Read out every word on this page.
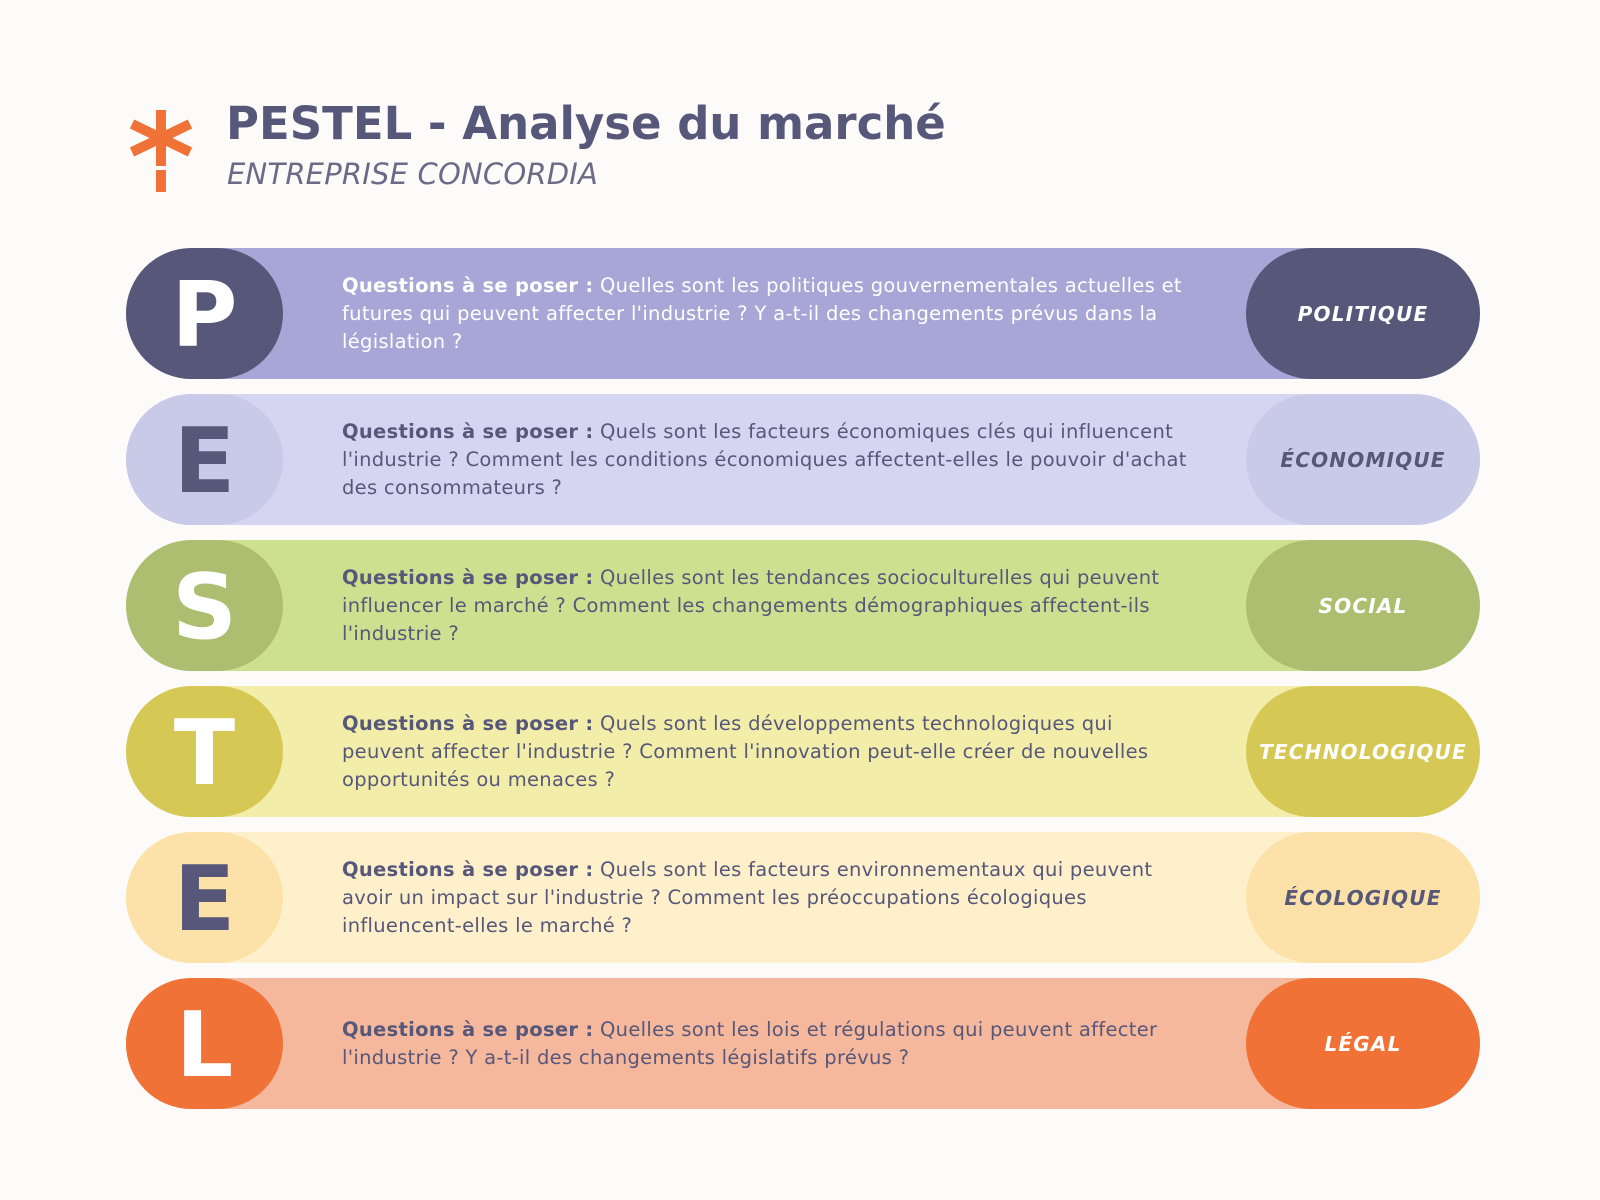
PESTEL - Analyse du marché
ENTREPRISE CONCORDIA
P	Questions à se poser : Quelles sont les politiques gouvernementales actuelles et futures qui peuvent affecter l'industrie ? Y a-t-il des changements prévus dans la législation ?

POLITIQUE
E	Questions à se poser : Quels sont les facteurs économiques clés qui influencent l'industrie ? Comment les conditions économiques affectent-elles le pouvoir d'achat des consommateurs ?

ÉCONOMIQUE
S	Questions à se poser : Quelles sont les tendances socioculturelles qui peuvent influencer le marché ? Comment les changements démographiques affectent-ils l'industrie ?

SOCIAL
T	Questions à se poser : Quels sont les développements technologiques qui peuvent affecter l'industrie ? Comment l'innovation peut-elle créer de nouvelles opportunités ou menaces ?

TECHNOLOGIQUE
E	Questions à se poser : Quels sont les facteurs environnementaux qui peuvent avoir un impact sur l'industrie ? Comment les préoccupations écologiques influencent-elles le marché ?

ÉCOLOGIQUE
L	Questions à se poser : Quelles sont les lois et régulations qui peuvent affecter l'industrie ? Y a-t-il des changements législatifs prévus ?

LÉGAL
